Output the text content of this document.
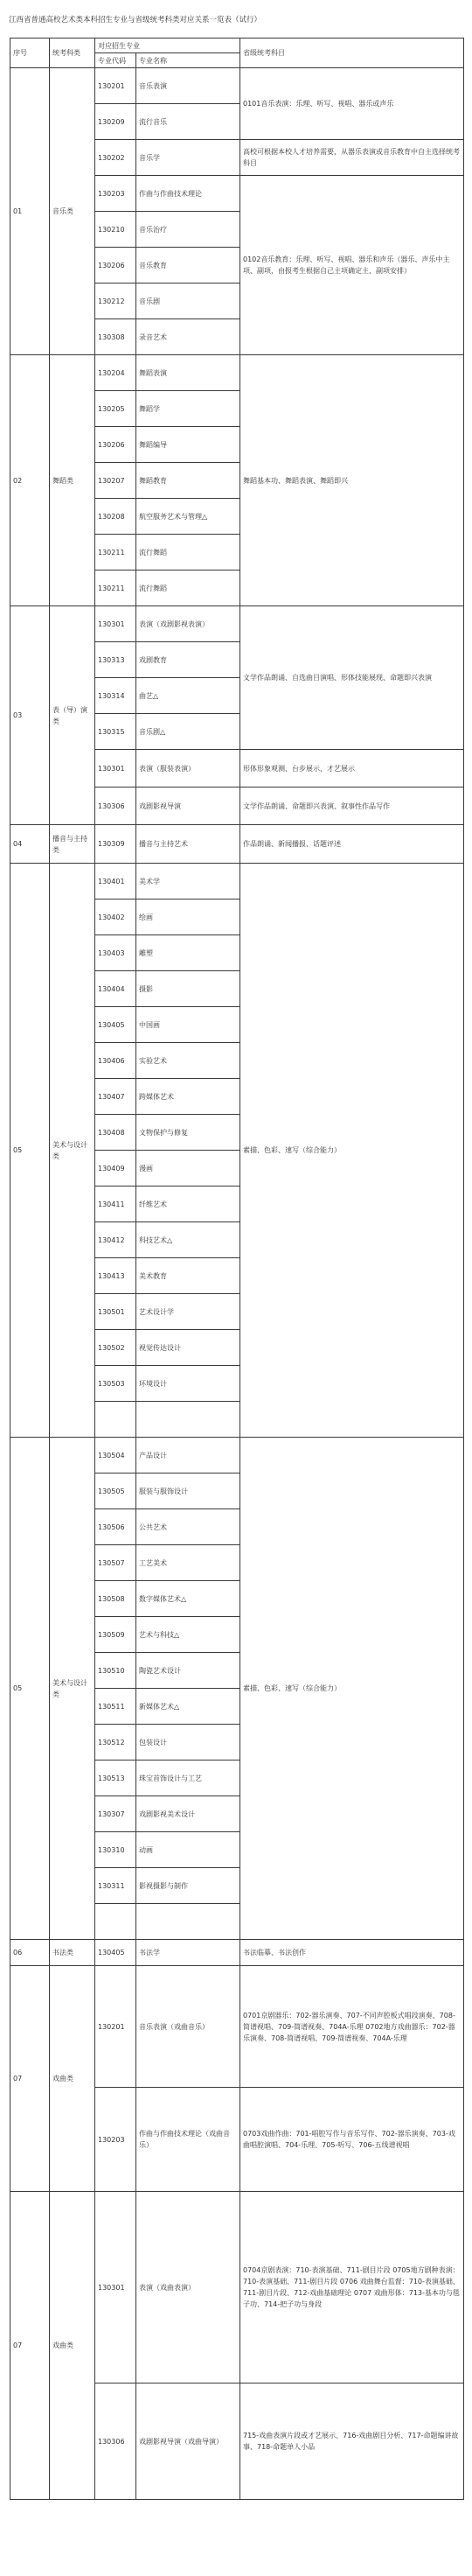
江西省普通高校艺术类本科招生专业与省级统考科类对应关系一览表（试行）
序号	统考科类	对应招生专业		省级统考科目
		专业代码	专业名称	
01	音乐类	130201	音乐表演	0101音乐表演：乐理、听写、视唱、器乐或声乐
		130209	流行音乐	
		130202	音乐学	高校可根据本校人才培养需要，从器乐表演或音乐教育中自主选择统考科目
		130203	作曲与作曲技术理论	0102音乐教育：乐理、听写、视唱、器乐和声乐（器乐、声乐中主项、副项，由报考生根据自己主项确定主、副项安排）
		130210	音乐治疗	
		130206	音乐教育	
		130212	音乐剧	
		130308	录音艺术	
02	舞蹈类	130204	舞蹈表演	舞蹈基本功、舞蹈表演、舞蹈即兴
		130205	舞蹈学	
		130206	舞蹈编导	
		130207	舞蹈教育	
		130208	航空服务艺术与管理△	
		130211	流行舞蹈	
		130211	流行舞蹈	
03	表（导）演类	130301	表演（戏剧影视表演）	文学作品朗诵、自选曲目演唱、形体技能展现、命题即兴表演
		130313	戏剧教育	
		130314	曲艺△	
		130315	音乐剧△	
		130301	表演（服装表演）	形体形象观测、台步展示、才艺展示
		130306	戏剧影视导演	文学作品朗诵、命题即兴表演、叙事性作品写作
04	播音与主持类	130309	播音与主持艺术	作品朗诵、新闻播报、话题评述
05	美术与设计类	130401	美术学	素描、色彩、速写（综合能力）
		130402	绘画	
		130403	雕塑	
		130404	摄影	
		130405	中国画	
		130406	实验艺术	
		130407	跨媒体艺术	
		130408	文物保护与修复	
		130409	漫画	
		130411	纤维艺术	
		130412	科技艺术△	
		130413	美术教育	
		130501	艺术设计学	
		130502	视觉传达设计	
		130503	环境设计	

05	美术与设计类	130504	产品设计	素描、色彩、速写（综合能力）
		130505	服装与服饰设计	
		130506	公共艺术	
		130507	工艺美术	
		130508	数字媒体艺术△	
		130509	艺术与科技△	
		130510	陶瓷艺术设计	
		130511	新媒体艺术△	
		130512	包装设计	
		130513	珠宝首饰设计与工艺	
		130307	戏剧影视美术设计	
		130310	动画	
		130311	影视摄影与制作	

06	书法类	130405	书法学	书法临摹、书法创作
07	戏曲类	130201	音乐表演（戏曲音乐）	0701京剧器乐：702-器乐演奏、707-不同声腔板式唱段演奏、708-简谱视唱、709-简谱视奏、704A-乐理 0702地方戏曲器乐：702-器乐演奏、708-简谱视唱、709-简谱视奏、704A-乐理
		130203	作曲与作曲技术理论（戏曲音乐）	0703戏曲作曲：701-唱腔写作与音乐写作、702-器乐演奏、703-戏曲唱腔演唱、704-乐理、705-听写、706-五线谱视唱
07	戏曲类	130301	表演（戏曲表演）	0704京剧表演：710-表演基础、711-剧目片段 0705地方剧种表演：710-表演基础、711-剧目片段 0706 戏曲舞台监督：710-表演基础、711-剧目片段、712-戏曲基础理论 0707 戏曲形体：713-基本功与毯子功、714-把子功与身段
		130306	戏剧影视导演（戏曲导演）	715-戏曲表演片段或才艺展示、716-戏曲剧目分析、717-命题编讲故事、718-命题单人小品
